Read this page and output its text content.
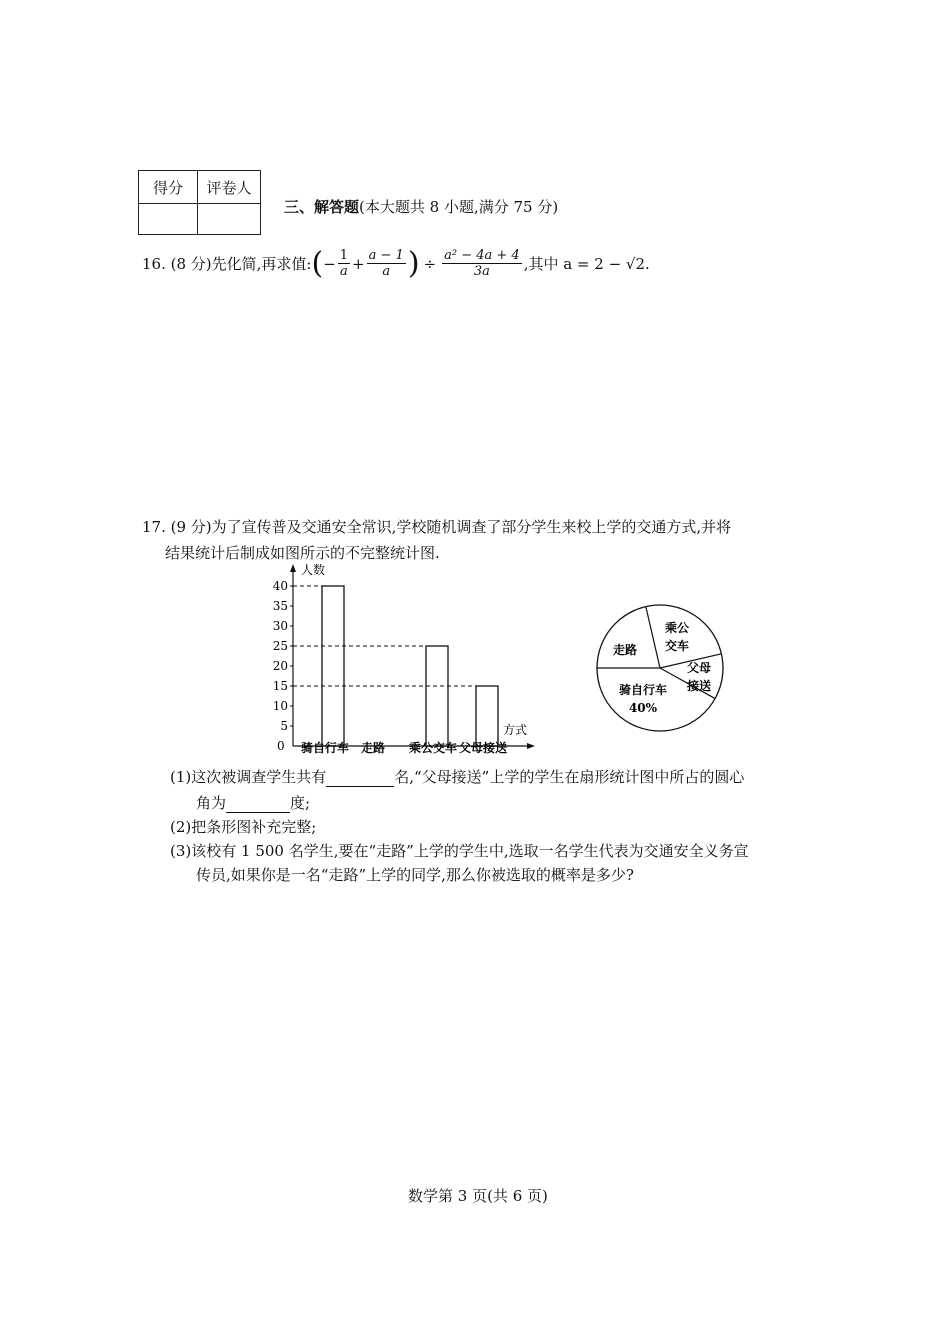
得分	评卷人

三、解答题(本大题共 8 小题,满分 75 分)
16. (8 分)先化简,再求值: ( − $\frac{1}{a} + \frac{a - 1}{a}$ ) ÷ $\frac{\text{a² − 4a + 4}}{3a}$ ,其中 a = 2 − √2.
17. (9 分)为了宣传普及交通安全常识,学校随机调查了部分学生来校上学的交通方式,并将
结果统计后制成如图所示的不完整统计图.
人数
方式
0
5
10
15
20
25
30
35
40
骑自行车 走路 乘公交车 父母接送
走路
乘公
交车
父母
接送
骑自行车
40%
(1)这次被调查学生共有	名,“父母接送”上学的学生在扇形统计图中所占的圆心
角为	度;
(2)把条形图补充完整;
(3)该校有 1 500 名学生,要在“走路”上学的学生中,选取一名学生代表为交通安全义务宣
传员,如果你是一名“走路”上学的同学,那么你被选取的概率是多少?
数学第 3 页(共 6 页)
